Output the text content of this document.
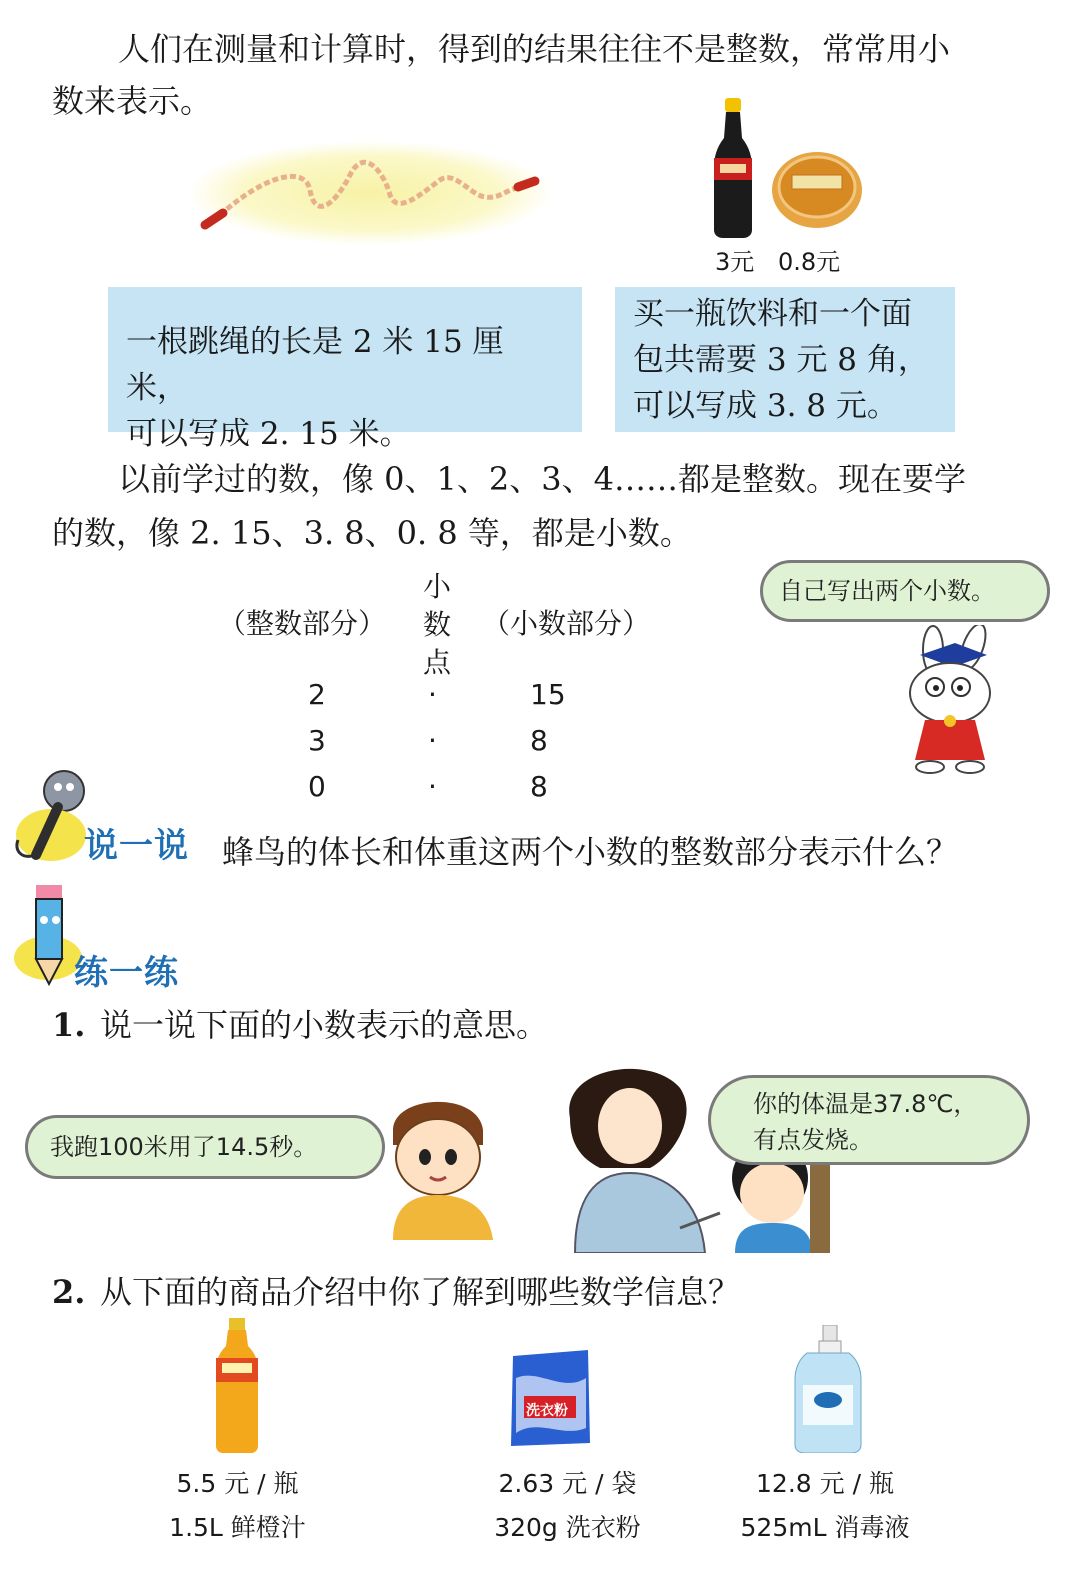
人们在测量和计算时，得到的结果往往不是整数，常常用小
数来表示。
3元 0.8元
一根跳绳的长是 2 米 15 厘米，
可以写成 2. 15 米。
买一瓶饮料和一个面
包共需要 3 元 8 角，
可以写成 3. 8 元。
以前学过的数，像 0、1、2、3、4……都是整数。现在要学
的数，像 2. 15、3. 8、0. 8 等，都是小数。
（整数部分）
小
数
点
（小数部分）
2
3
0
·
·
·
15
8
8
自己写出两个小数。
说一说 蜂鸟的体长和体重这两个小数的整数部分表示什么？
练一练
1. 说一说下面的小数表示的意思。
我跑100米用了14.5秒。
你的体温是37.8℃，
有点发烧。
2. 从下面的商品介绍中你了解到哪些数学信息？
洗衣粉
5.5 元 / 瓶
1.5L 鲜橙汁
2.63 元 / 袋
320g 洗衣粉
12.8 元 / 瓶
525mL 消毒液
